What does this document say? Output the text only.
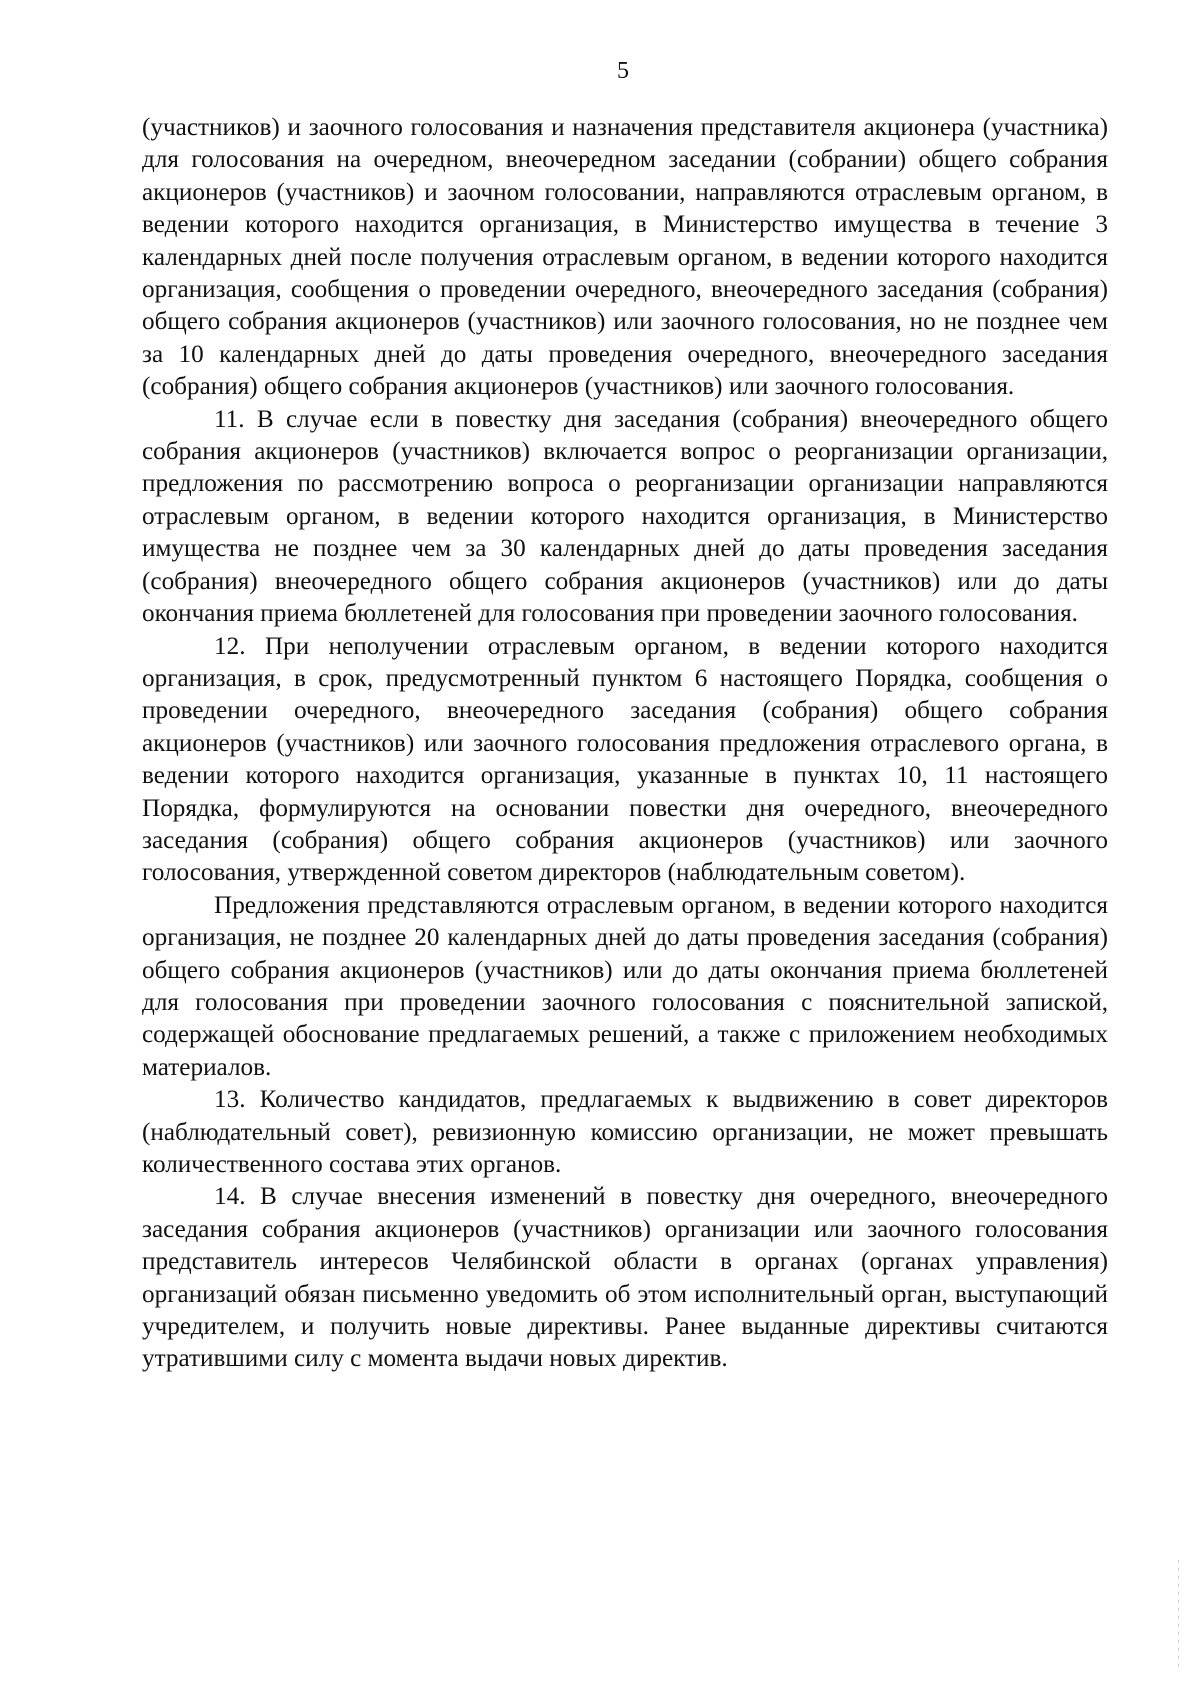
5

(участников) и заочного голосования и назначения представителя акционера (участника) для голосования на очередном, внеочередном заседании (собрании) общего собрания акционеров (участников) и заочном голосовании, направляются отраслевым органом, в ведении которого находится организация, в Министерство имущества в течение 3 календарных дней после получения отраслевым органом, в ведении которого находится организация, сообщения о проведении очередного, внеочередного заседания (собрания) общего собрания акционеров (участников) или заочного голосования, но не позднее чем за 10 календарных дней до даты проведения очередного, внеочередного заседания (собрания) общего собрания акционеров (участников) или заочного голосования.

11. В случае если в повестку дня заседания (собрания) внеочередного общего собрания акционеров (участников) включается вопрос о реорганизации организации, предложения по рассмотрению вопроса о реорганизации организации направляются отраслевым органом, в ведении которого находится организация, в Министерство имущества не позднее чем за 30 календарных дней до даты проведения заседания (собрания) внеочередного общего собрания акционеров (участников) или до даты окончания приема бюллетеней для голосования при проведении заочного голосования.

12. При неполучении отраслевым органом, в ведении которого находится организация, в срок, предусмотренный пунктом 6 настоящего Порядка, сообщения о проведении очередного, внеочередного заседания (собрания) общего собрания акционеров (участников) или заочного голосования предложения отраслевого органа, в ведении которого находится организация, указанные в пунктах 10, 11 настоящего Порядка, формулируются на основании повестки дня очередного, внеочередного заседания (собрания) общего собрания акционеров (участников) или заочного голосования, утвержденной советом директоров (наблюдательным советом).

Предложения представляются отраслевым органом, в ведении которого находится организация, не позднее 20 календарных дней до даты проведения заседания (собрания) общего собрания акционеров (участников) или до даты окончания приема бюллетеней для голосования при проведении заочного голосования с пояснительной запиской, содержащей обоснование предлагаемых решений, а также с приложением необходимых материалов.

13. Количество кандидатов, предлагаемых к выдвижению в совет директоров (наблюдательный совет), ревизионную комиссию организации, не может превышать количественного состава этих органов.

14. В случае внесения изменений в повестку дня очередного, внеочередного заседания собрания акционеров (участников) организации или заочного голосования представитель интересов Челябинской области в органах (органах управления) организаций обязан письменно уведомить об этом исполнительный орган, выступающий учредителем, и получить новые директивы. Ранее выданные директивы считаются утратившими силу с момента выдачи новых директив.
